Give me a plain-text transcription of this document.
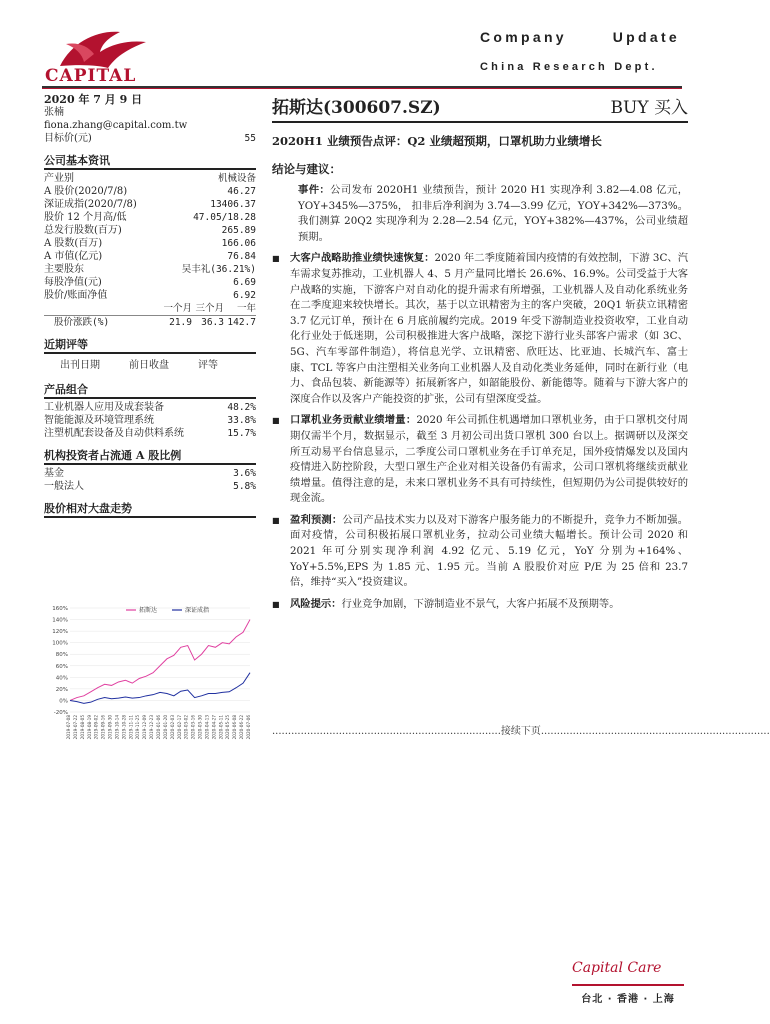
CAPITAL
Company	Update
China Research Dept.
2020 年 7 月 9 日
张楠
fiona.zhang@capital.com.tw
目标价(元)	55
公司基本资讯
产业别	机械设备
A 股价(2020/7/8)	46.27
深证成指(2020/7/8)	13406.37
股价 12 个月高/低	47.05/18.28
总发行股数(百万)	265.89
A 股数(百万)	166.06
A 市值(亿元)	76.84
主要股东	吴丰礼(36.21%)
每股净值(元)	6.69
股价/账面净值	6.92
一个月 三个月	一年
股价涨跌(%)	21.9 36.3 142.7
近期评等
出刊日期	前日收盘	评等
产品组合
工业机器人应用及成套装备	48.2%
智能能源及环境管理系统	33.8%
注塑机配套设备及自动供料系统	15.7%
机构投资者占流通 A 股比例
基金	3.6%
一般法人	5.8%
股价相对大盘走势
-20%
0%
20%
40%
60%
80%
100%
120%
140%
160%
2019-07-08 2019-07-22 2019-08-05 2019-08-19 2019-09-02 2019-09-16 2019-09-30 2019-10-14 2019-10-28 2019-11-11 2019-11-25 2019-12-09 2019-12-23 2020-01-06 2020-01-20 2020-02-03 2020-02-17 2020-03-02 2020-03-16 2020-03-30 2020-04-13 2020-04-27 2020-05-11 2020-05-25 2020-06-08 2020-06-22 2020-07-06
拓斯达	深证成指
拓斯达(300607.SZ)	BUY 买入
2020H1 业绩预告点评：Q2 业绩超预期，口罩机助力业绩增长
结论与建议：
事件：公司发布 2020H1 业绩预告，预计 2020 H1 实现净利 3.82—4.08 亿元， YOY+345%—375%， 扣非后净利润为 3.74—3.99 亿元，YOY+342%—373%。我们测算 20Q2 实现净利为 2.28—2.54 亿元，YOY+382%—437%，公司业绩超预期。
■	大客户战略助推业绩快速恢复：2020 年二季度随着国内疫情的有效控制，下游 3C、汽车需求复苏推动，工业机器人 4、5 月产量同比增长 26.6%、16.9%。公司受益于大客户战略的实施，下游客户对自动化的提升需求有所增强，工业机器人及自动化系统业务在二季度迎来较快增长。其次，基于以立讯精密为主的客户突破，20Q1 斩获立讯精密 3.7 亿元订单，预计在 6 月底前履约完成。2019 年受下游制造业投资收窄，工业自动化行业处于低迷期，公司积极推进大客户战略，深挖下游行业头部客户需求（如 3C、5G、汽车零部件制造），将信息光学、立讯精密、欣旺达、比亚迪、长城汽车、富士康、TCL 等客户由注塑相关业务向工业机器人及自动化类业务延伸，同时在新行业（电力、食品包装、新能源等）拓展新客户，如韶能股份、新能德等。随着与下游大客户的深度合作以及客户产能投资的扩张，公司有望深度受益。
■	口罩机业务贡献业绩增量：2020 年公司抓住机遇增加口罩机业务，由于口罩机交付周期仅需半个月，数据显示，截至 3 月初公司出货口罩机 300 台以上。据调研以及深交所互动易平台信息显示，二季度公司口罩机业务在手订单充足，国外疫情爆发以及国内疫情进入防控阶段，大型口罩生产企业对相关设备仍有需求，公司口罩机将继续贡献业绩增量。值得注意的是，未来口罩机业务不具有可持续性，但短期仍为公司提供较好的现金流。
■	盈利预测：公司产品技术实力以及对下游客户服务能力的不断提升，竞争力不断加强。面对疫情，公司积极拓展口罩机业务，拉动公司业绩大幅增长。预计公司 2020 和 2021 年可分别实现净利润 4.92 亿元、5.19 亿元，YoY 分别为+164%、YoY+5.5%,EPS 为 1.85 元、1.95 元。当前 A 股股价对应 P/E 为 25 倍和 23.7 倍，维持“买入”投资建议。
■	风险提示：行业竞争加剧，下游制造业不景气，大客户拓展不及预期等。
........................................................................接续下页........................................................................
Capital Care
台北 · 香港 · 上海
